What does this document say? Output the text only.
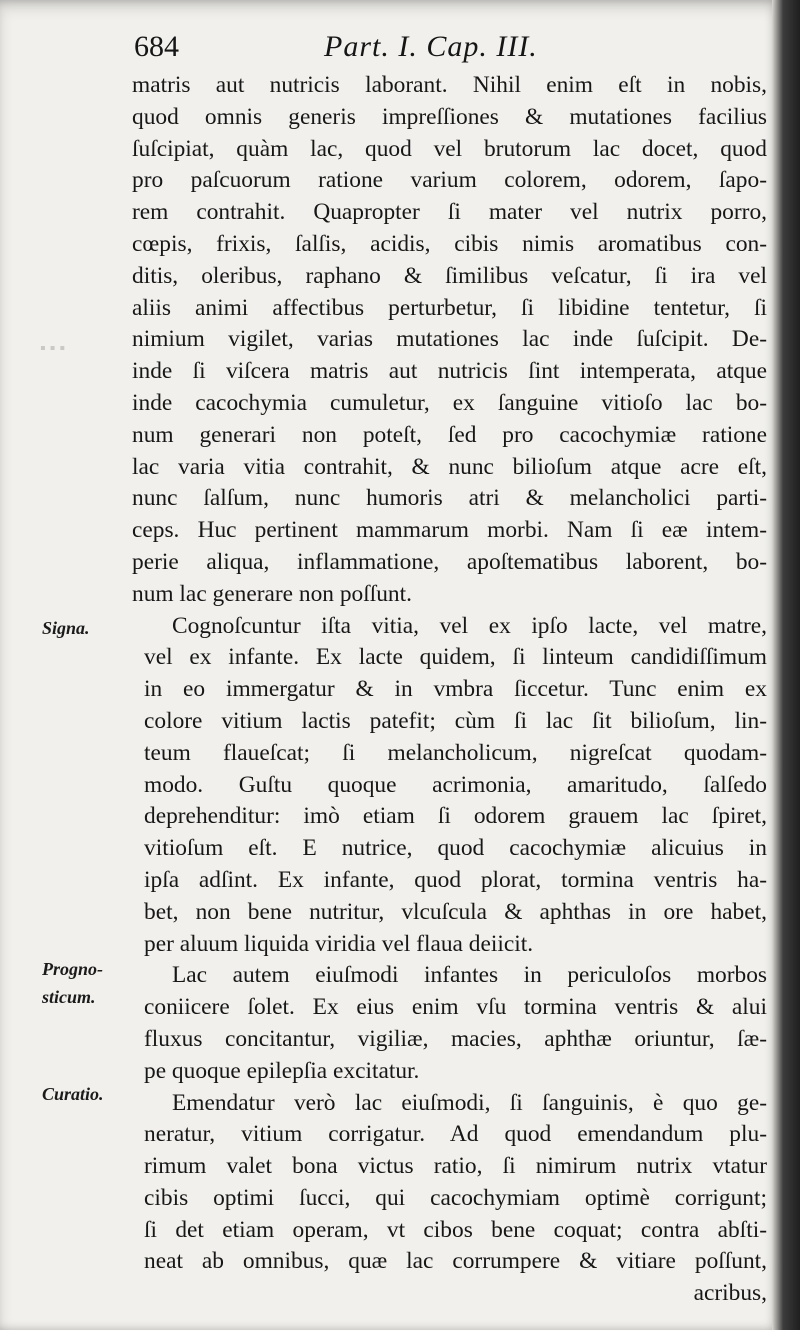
▪ ▪ ▪
684	Part. I. Cap. III.
Signa.
Progno-
sticum.
Curatio.
matris aut nutricis laborant. Nihil enim eſt in nobis,
quod omnis generis impreſſiones & mutationes facilius
ſuſcipiat, quàm lac, quod vel brutorum lac docet, quod
pro paſcuorum ratione varium colorem, odorem, ſapo-
rem contrahit. Quapropter ſi mater vel nutrix porro,
cœpis, frixis, ſalſis, acidis, cibis nimis aromatibus con-
ditis, oleribus, raphano & ſimilibus veſcatur, ſi ira vel
aliis animi affectibus perturbetur, ſi libidine tentetur, ſi
nimium vigilet, varias mutationes lac inde ſuſcipit. De-
inde ſi viſcera matris aut nutricis ſint intemperata, atque
inde cacochymia cumuletur, ex ſanguine vitioſo lac bo-
num generari non poteſt, ſed pro cacochymiæ ratione
lac varia vitia contrahit, & nunc bilioſum atque acre eſt,
nunc ſalſum, nunc humoris atri & melancholici parti-
ceps. Huc pertinent mammarum morbi. Nam ſi eæ intem-
perie aliqua, inflammatione, apoſtematibus laborent, bo-
num lac generare non poſſunt.
Cognoſcuntur iſta vitia, vel ex ipſo lacte, vel matre,
vel ex infante. Ex lacte quidem, ſi linteum candidiſſimum
in eo immergatur & in vmbra ſiccetur. Tunc enim ex
colore vitium lactis patefit; cùm ſi lac ſit bilioſum, lin-
teum flaueſcat; ſi melancholicum, nigreſcat quodam-
modo. Guſtu quoque acrimonia, amaritudo, ſalſedo
deprehenditur: imò etiam ſi odorem grauem lac ſpiret,
vitioſum eſt. E nutrice, quod cacochymiæ alicuius in
ipſa adſint. Ex infante, quod plorat, tormina ventris ha-
bet, non bene nutritur, vlcuſcula & aphthas in ore habet,
per aluum liquida viridia vel flaua deiicit.
Lac autem eiuſmodi infantes in periculoſos morbos
coniicere ſolet. Ex eius enim vſu tormina ventris & alui
fluxus concitantur, vigiliæ, macies, aphthæ oriuntur, ſæ-
pe quoque epilepſia excitatur.
Emendatur verò lac eiuſmodi, ſi ſanguinis, è quo ge-
neratur, vitium corrigatur. Ad quod emendandum plu-
rimum valet bona victus ratio, ſi nimirum nutrix vtatur
cibis optimi ſucci, qui cacochymiam optimè corrigunt;
ſi det etiam operam, vt cibos bene coquat; contra abſti-
neat ab omnibus, quæ lac corrumpere & vitiare poſſunt,
acribus,
